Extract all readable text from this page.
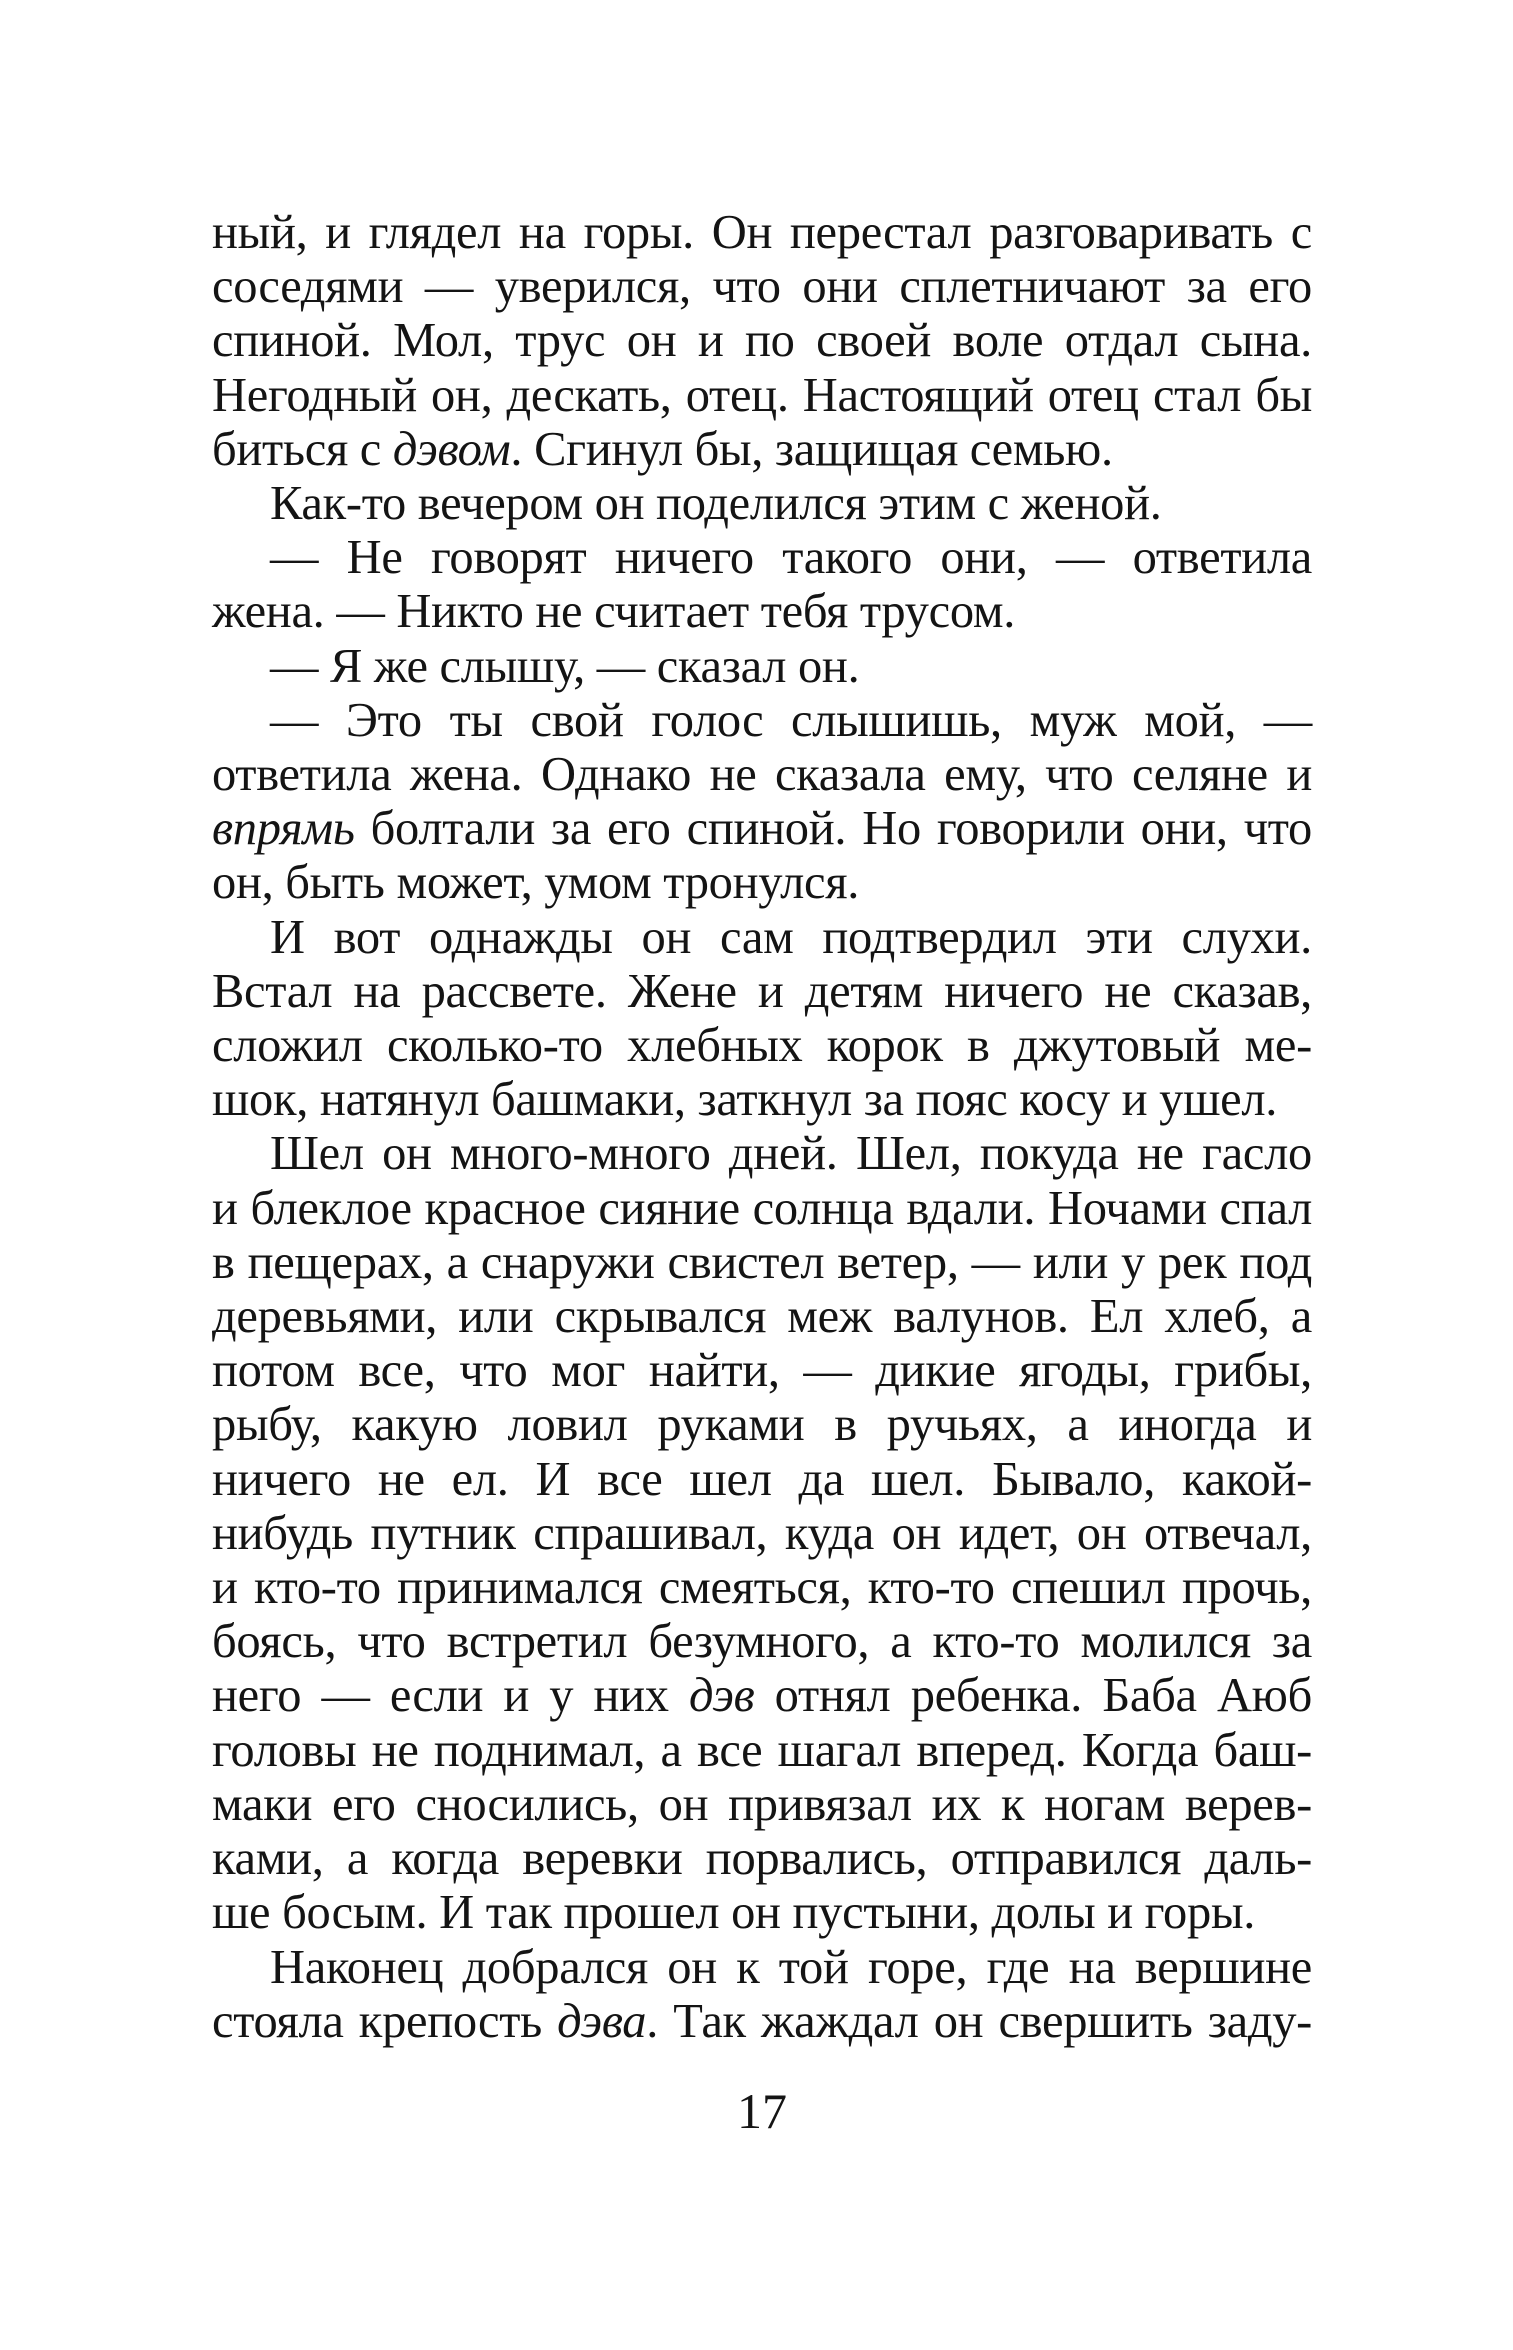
ный, и глядел на горы. Он перестал разговаривать с
соседями — уверился, что они сплетничают за его
спиной. Мол, трус он и по своей воле отдал сына.
Негодный он, дескать, отец. Настоящий отец стал бы
биться с дэвом. Сгинул бы, защищая семью.
Как-то вечером он поделился этим с женой.
— Не говорят ничего такого они, — ответила
жена. — Никто не считает тебя трусом.
— Я же слышу, — сказал он.
— Это ты свой голос слышишь, муж мой, —
ответила жена. Однако не сказала ему, что селяне и
впрямь болтали за его спиной. Но говорили они, что
он, быть может, умом тронулся.
И вот однажды он сам подтвердил эти слухи.
Встал на рассвете. Жене и детям ничего не сказав,
сложил сколько-то хлебных корок в джутовый ме-
шок, натянул башмаки, заткнул за пояс косу и ушел.
Шел он много-много дней. Шел, покуда не гасло
и блеклое красное сияние солнца вдали. Ночами спал
в пещерах, а снаружи свистел ветер, — или у рек под
деревьями, или скрывался меж валунов. Ел хлеб, а
потом все, что мог найти, — дикие ягоды, грибы,
рыбу, какую ловил руками в ручьях, а иногда и
ничего не ел. И все шел да шел. Бывало, какой-
нибудь путник спрашивал, куда он идет, он отвечал,
и кто-то принимался смеяться, кто-то спешил прочь,
боясь, что встретил безумного, а кто-то молился за
него — если и у них дэв отнял ребенка. Баба Аюб
головы не поднимал, а все шагал вперед. Когда баш-
маки его сносились, он привязал их к ногам верев-
ками, а когда веревки порвались, отправился даль-
ше босым. И так прошел он пустыни, долы и горы.
Наконец добрался он к той горе, где на вершине
стояла крепость дэва. Так жаждал он свершить заду-
17
